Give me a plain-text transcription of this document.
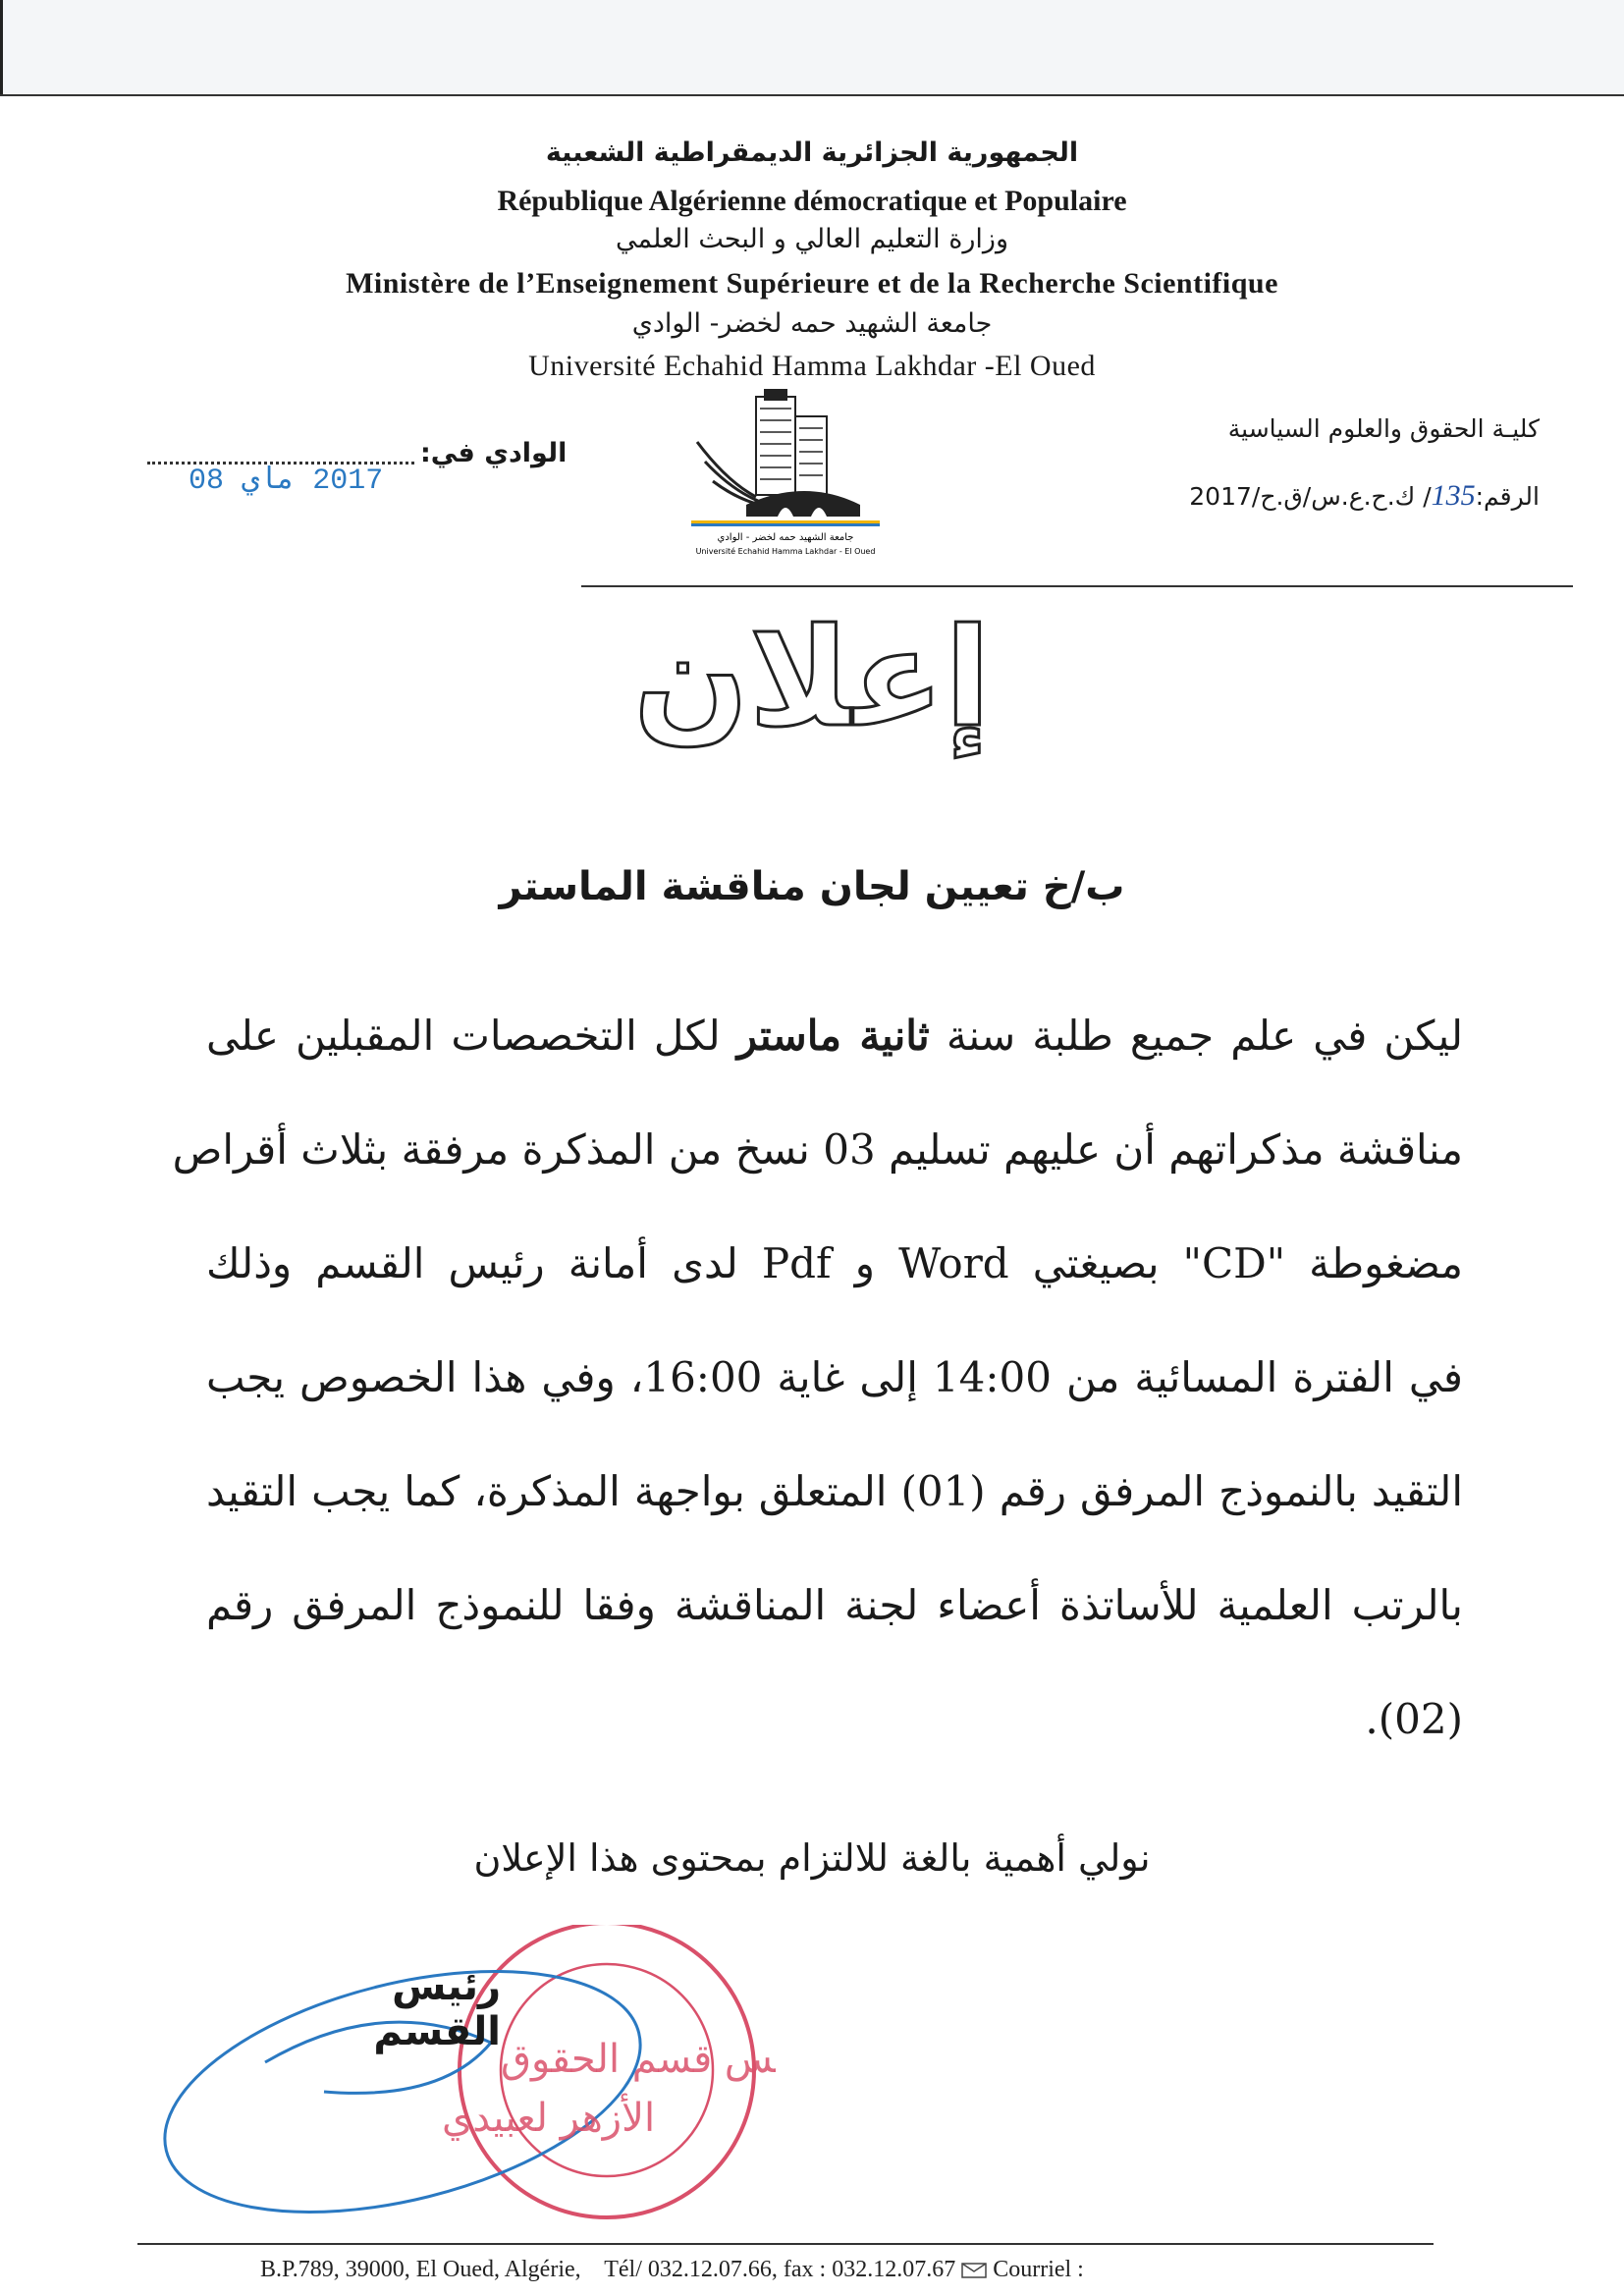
الجمهورية الجزائرية الديمقراطية الشعبية
République Algérienne démocratique et Populaire
وزارة التعليم العالي و البحث العلمي
Ministère de l’Enseignement Supérieure et de la Recherche Scientifique
جامعة الشهيد حمه لخضر- الوادي
Université Echahid Hamma Lakhdar -El Oued
كليـة الحقوق والعلوم السياسية
الرقم:135/ ك.ح.ع.س/ق.ح/2017
الوادي في:
2017 ماي 08
جامعة الشهيد حمه لخضر - الوادي
Université Echahid Hamma Lakhdar - El Oued
إعلان
ب/خ تعيين لجان مناقشة الماستر
ليكن في علم جميع طلبة سنة ثانية ماستر لكل التخصصات المقبلين على
مناقشة مذكراتهم أن عليهم تسليم 03 نسخ من المذكرة مرفقة بثلاث أقراص
مضغوطة "CD" بصيغتي Word و Pdf لدى أمانة رئيس القسم وذلك
في الفترة المسائية من 14:00 إلى غاية 16:00، وفي هذا الخصوص يجب
التقيد بالنموذج المرفق رقم (01) المتعلق بواجهة المذكرة، كما يجب التقيد
بالرتب العلمية للأساتذة أعضاء لجنة المناقشة وفقا للنموذج المرفق رقم
(02).
نولي أهمية بالغة للالتزام بمحتوى هذا الإعلان
س قسم الحقوق
الأزهر لعبيدي
رئيس القسم
B.P.789, 39000, El Oued, Algérie, Tél/ 032.12.07.66, fax : 032.12.07.67 Courriel :
